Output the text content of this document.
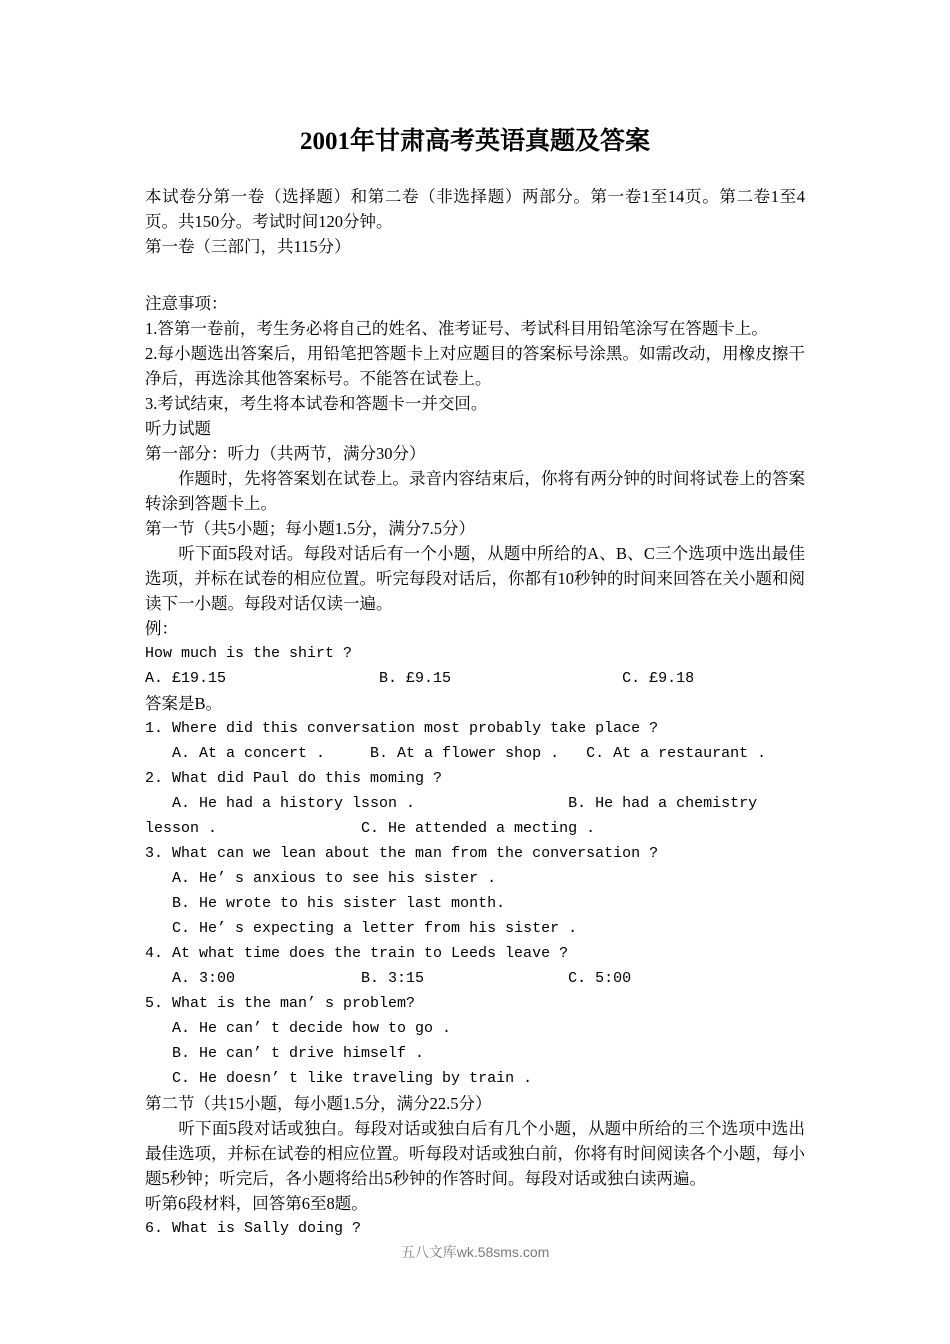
2001年甘肃高考英语真题及答案
本试卷分第一卷（选择题）和第二卷（非选择题）两部分。第一卷1至14页。第二卷1至4页。共150分。考试时间120分钟。
第一卷（三部门，共115分）
注意事项：
1.答第一卷前，考生务必将自己的姓名、准考证号、考试科目用铅笔涂写在答题卡上。
2.每小题选出答案后，用铅笔把答题卡上对应题目的答案标号涂黑。如需改动，用橡皮擦干净后，再选涂其他答案标号。不能答在试卷上。
3.考试结束，考生将本试卷和答题卡一并交回。
听力试题
第一部分：听力（共两节，满分30分）
　　作题时，先将答案划在试卷上。录音内容结束后，你将有两分钟的时间将试卷上的答案转涂到答题卡上。
第一节（共5小题；每小题1.5分，满分7.5分）
　　听下面5段对话。每段对话后有一个小题，从题中所给的A、B、C三个选项中选出最佳选项，并标在试卷的相应位置。听完每段对话后，你都有10秒钟的时间来回答在关小题和阅读下一小题。每段对话仅读一遍。
例：
How much is the shirt ?
A. £19.15                 B. £9.15                   C. £9.18
答案是B。
1. Where did this conversation most probably take place ?
A. At a concert .     B. At a flower shop .   C. At a restaurant .
2. What did Paul do this moming ?
A. He had a history lsson .                 B. He had a chemistry
lesson .                C. He attended a mecting .
3. What can we lean about the man from the conversation ?
A. He’ s anxious to see his sister .
B. He wrote to his sister last month.
C. He’ s expecting a letter from his sister .
4. At what time does the train to Leeds leave ?
A. 3:00              B. 3:15                C. 5:00
5. What is the man’ s problem?
A. He can’ t decide how to go .
B. He can’ t drive himself .
C. He doesn’ t like traveling by train .
第二节（共15小题，每小题1.5分，满分22.5分）
　　听下面5段对话或独白。每段对话或独白后有几个小题，从题中所给的三个选项中选出最佳选项，并标在试卷的相应位置。听每段对话或独白前，你将有时间阅读各个小题，每小题5秒钟；听完后，各小题将给出5秒钟的作答时间。每段对话或独白读两遍。
听第6段材料，回答第6至8题。
6. What is Sally doing ?
五八文库wk.58sms.com
